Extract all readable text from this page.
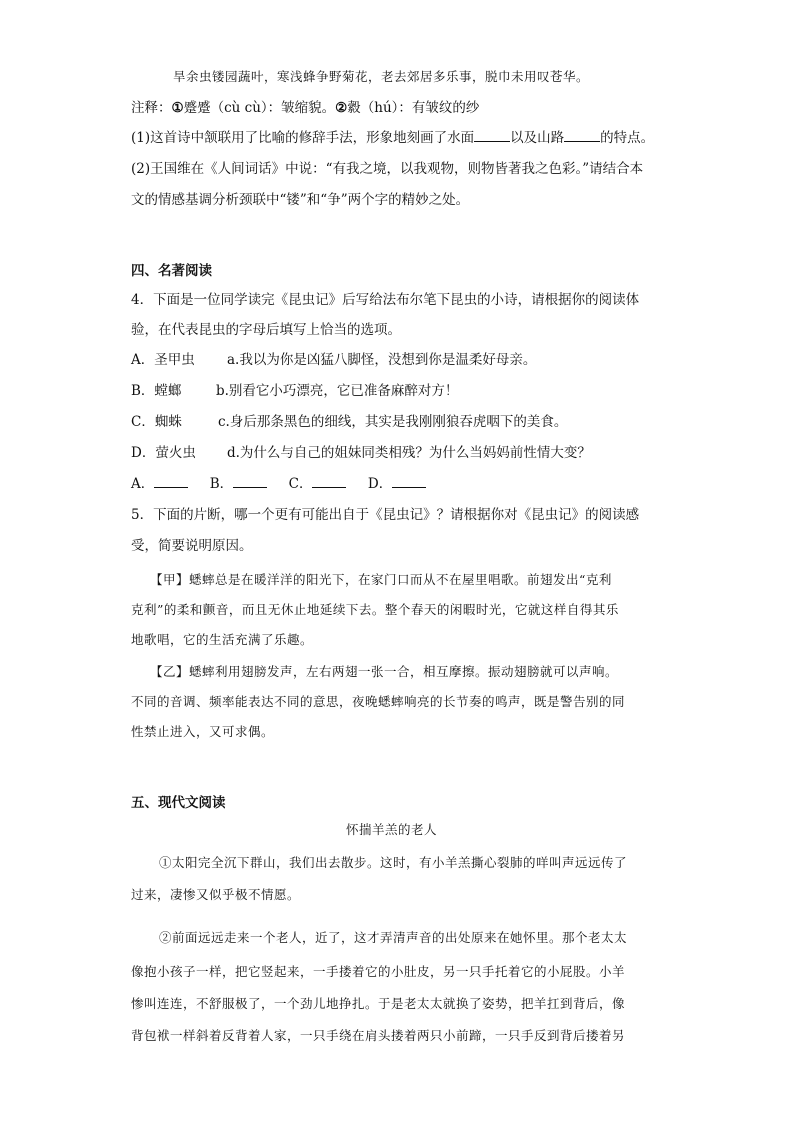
旱余虫镂园蔬叶，寒浅蜂争野菊花，老去郊居多乐事，脱巾未用叹苍华。
注释：①蹙蹙（cù cù）：皱缩貌。②縠（hú）：有皱纹的纱
(1)这首诗中颔联用了比喻的修辞手法，形象地刻画了水面	以及山路	的特点。
(2)王国维在《人间词话》中说：“有我之境，以我观物，则物皆著我之色彩。”请结合本
文的情感基调分析颈联中“镂”和“争”两个字的精妙之处。
四、名著阅读
4．下面是一位同学读完《昆虫记》后写给法布尔笔下昆虫的小诗，请根据你的阅读体
验，在代表昆虫的字母后填写上恰当的选项。
A．圣甲虫 a.我以为你是凶猛八脚怪，没想到你是温柔好母亲。
B．螳螂	b.别看它小巧漂亮，它已准备麻醉对方！
C．蜘蛛	c.身后那条黑色的细线，其实是我刚刚狼吞虎咽下的美食。
D．萤火虫 d.为什么与自己的姐妹同类相残？为什么当妈妈前性情大变？
A．	B．	C．	D．
5．下面的片断，哪一个更有可能出自于《昆虫记》？请根据你对《昆虫记》的阅读感
受，简要说明原因。
【甲】蟋蟀总是在暖洋洋的阳光下，在家门口而从不在屋里唱歌。前翅发出“克利
克利”的柔和颤音，而且无休止地延续下去。整个春天的闲暇时光，它就这样自得其乐
地歌唱，它的生活充满了乐趣。
【乙】蟋蟀利用翅膀发声，左右两翅一张一合，相互摩擦。振动翅膀就可以声响。
不同的音调、频率能表达不同的意思，夜晚蟋蟀响亮的长节奏的鸣声，既是警告别的同
性禁止进入，又可求偶。
五、现代文阅读
怀揣羊羔的老人
①太阳完全沉下群山，我们出去散步。这时，有小羊羔撕心裂肺的咩叫声远远传了
过来，凄惨又似乎极不情愿。
②前面远远走来一个老人，近了，这才弄清声音的出处原来在她怀里。那个老太太
像抱小孩子一样，把它竖起来，一手搂着它的小肚皮，另一只手托着它的小屁股。小羊
惨叫连连，不舒服极了，一个劲儿地挣扎。于是老太太就换了姿势，把羊扛到背后，像
背包袱一样斜着反背着人家，一只手绕在肩头搂着两只小前蹄，一只手反到背后搂着另
